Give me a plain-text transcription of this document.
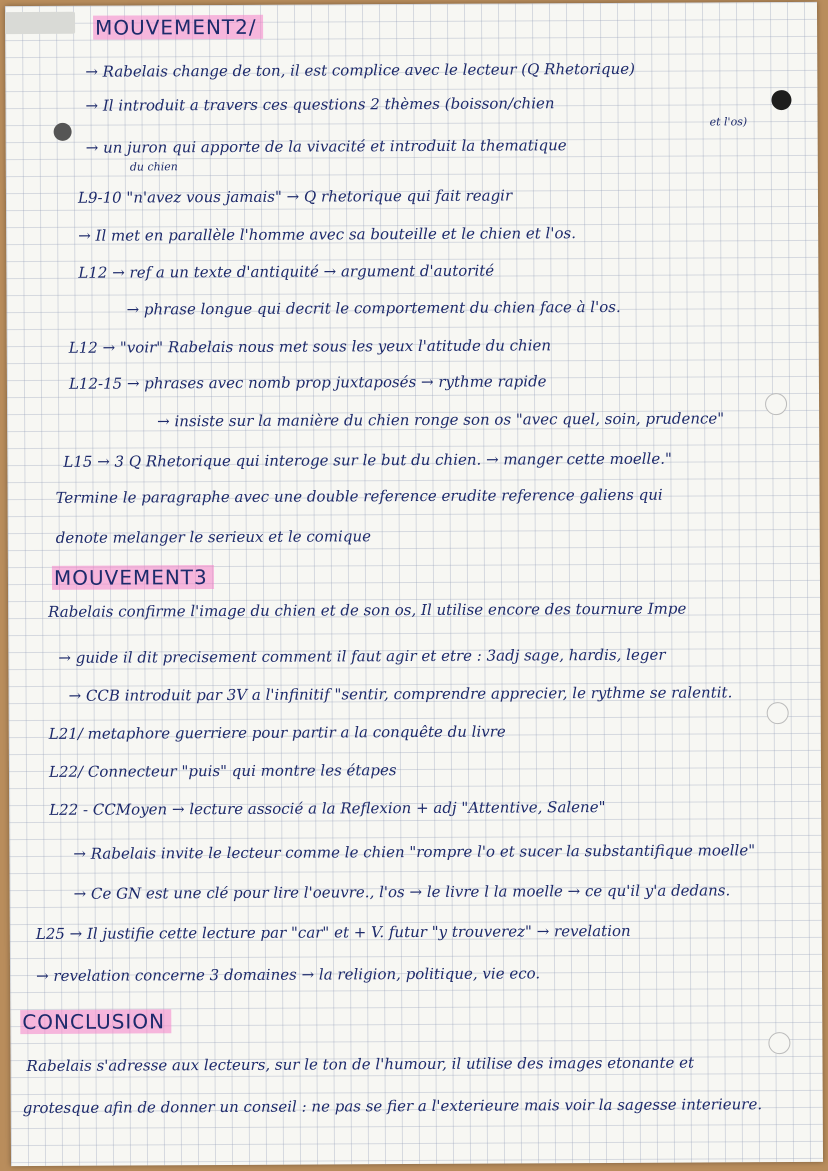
MOUVEMENT2/
→ Rabelais change de ton, il est complice avec le lecteur (Q Rhetorique)
→ Il introduit a travers ces questions 2 thèmes (boisson/chien
et l'os)
→ un juron qui apporte de la vivacité et introduit la thematique
du chien
L9-10 "n'avez vous jamais" → Q rhetorique qui fait reagir
→ Il met en parallèle l'homme avec sa bouteille et le chien et l'os.
L12 → ref a un texte d'antiquité → argument d'autorité
→ phrase longue qui decrit le comportement du chien face à l'os.
L12 → "voir" Rabelais nous met sous les yeux l'atitude du chien
L12-15 → phrases avec nomb prop juxtaposés → rythme rapide
→ insiste sur la manière du chien ronge son os "avec quel, soin, prudence"
L15 → 3 Q Rhetorique qui interoge sur le but du chien. → manger cette moelle."
Termine le paragraphe avec une double reference erudite reference galiens qui
denote melanger le serieux et le comique
MOUVEMENT3
Rabelais confirme l'image du chien et de son os, Il utilise encore des tournure Impe
→ guide il dit precisement comment il faut agir et etre : 3adj sage, hardis, leger
→ CCB introduit par 3V a l'infinitif "sentir, comprendre apprecier, le rythme se ralentit.
L21/ metaphore guerriere pour partir a la conquête du livre
L22/ Connecteur "puis" qui montre les étapes
L22 - CCMoyen → lecture associé a la Reflexion + adj "Attentive, Salene"
→ Rabelais invite le lecteur comme le chien "rompre l'o et sucer la substantifique moelle"
→ Ce GN est une clé pour lire l'oeuvre., l'os → le livre l la moelle → ce qu'il y'a dedans.
L25 → Il justifie cette lecture par "car" et + V. futur "y trouverez" → revelation
→ revelation concerne 3 domaines → la religion, politique, vie eco.
CONCLUSION
Rabelais s'adresse aux lecteurs, sur le ton de l'humour, il utilise des images etonante et
grotesque afin de donner un conseil : ne pas se fier a l'exterieure mais voir la sagesse interieure.
